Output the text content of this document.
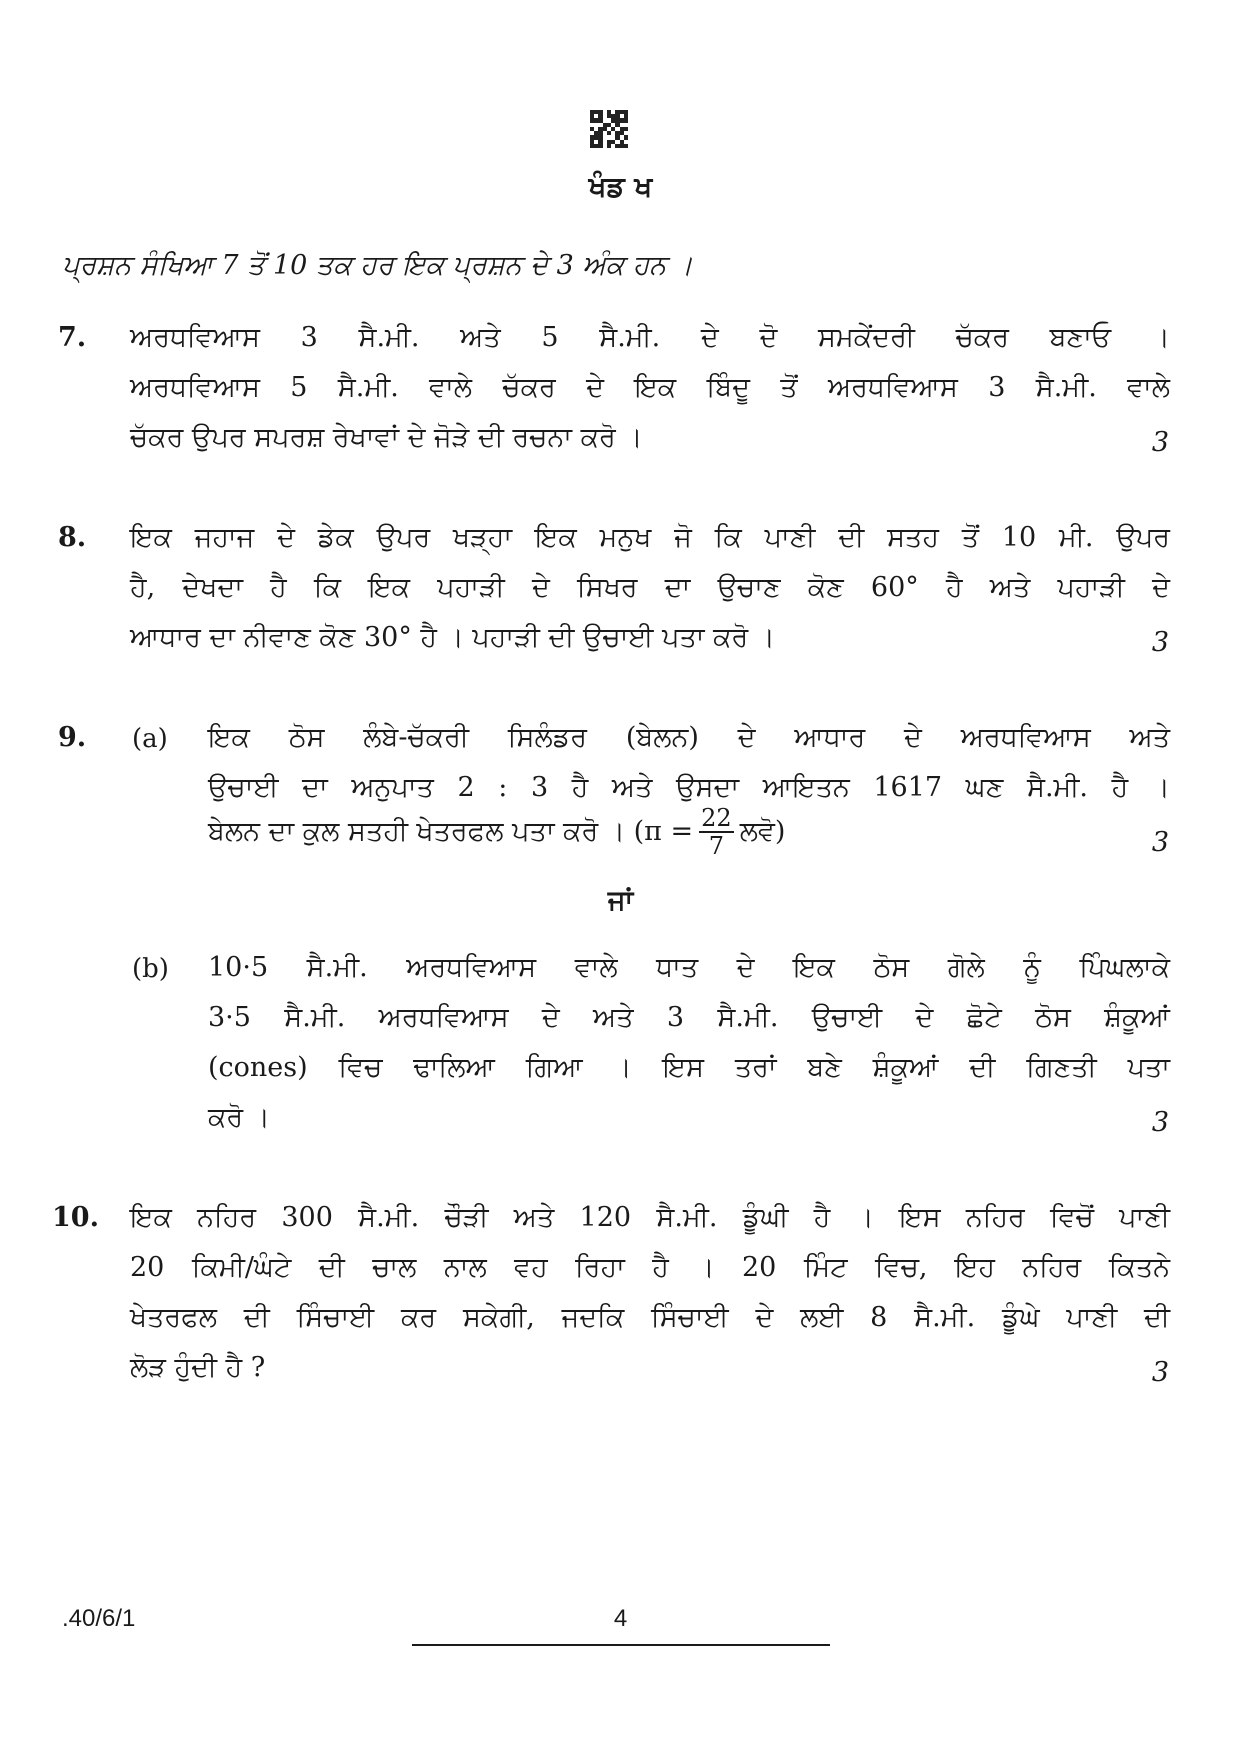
ਖੰਡ ਖ
ਪ੍ਰਸ਼ਨ ਸੰਖਿਆ 7 ਤੋਂ 10 ਤਕ ਹਰ ਇਕ ਪ੍ਰਸ਼ਨ ਦੇ 3 ਅੰਕ ਹਨ ।
7. ਅਰਧਵਿਆਸ 3 ਸੈ.ਮੀ. ਅਤੇ 5 ਸੈ.ਮੀ. ਦੇ ਦੋ ਸਮਕੇਂਦਰੀ ਚੱਕਰ ਬਣਾਓ ।
ਅਰਧਵਿਆਸ 5 ਸੈ.ਮੀ. ਵਾਲੇ ਚੱਕਰ ਦੇ ਇਕ ਬਿੰਦੂ ਤੋਂ ਅਰਧਵਿਆਸ 3 ਸੈ.ਮੀ. ਵਾਲੇ
ਚੱਕਰ ਉਪਰ ਸਪਰਸ਼ ਰੇਖਾਵਾਂ ਦੇ ਜੋੜੇ ਦੀ ਰਚਨਾ ਕਰੋ ।	3
8. ਇਕ ਜਹਾਜ ਦੇ ਡੇਕ ਉਪਰ ਖੜ੍ਹਾ ਇਕ ਮਨੁਖ ਜੋ ਕਿ ਪਾਣੀ ਦੀ ਸਤਹ ਤੋਂ 10 ਮੀ. ਉਪਰ
ਹੈ, ਦੇਖਦਾ ਹੈ ਕਿ ਇਕ ਪਹਾੜੀ ਦੇ ਸਿਖਰ ਦਾ ਉਚਾਣ ਕੋਣ 60° ਹੈ ਅਤੇ ਪਹਾੜੀ ਦੇ
ਆਧਾਰ ਦਾ ਨੀਵਾਣ ਕੋਣ 30° ਹੈ । ਪਹਾੜੀ ਦੀ ਉਚਾਈ ਪਤਾ ਕਰੋ ।	3
9. (a) ਇਕ ਠੋਸ ਲੰਬੇ-ਚੱਕਰੀ ਸਿਲੰਡਰ (ਬੇਲਨ) ਦੇ ਆਧਾਰ ਦੇ ਅਰਧਵਿਆਸ ਅਤੇ
ਉਚਾਈ ਦਾ ਅਨੁਪਾਤ 2 : 3 ਹੈ ਅਤੇ ਉਸਦਾ ਆਇਤਨ 1617 ਘਣ ਸੈ.ਮੀ. ਹੈ ।
ਬੇਲਨ ਦਾ ਕੁਲ ਸਤਹੀ ਖੇਤਰਫਲ ਪਤਾ ਕਰੋ । ($\pi = \frac{22}{7}$ ਲਵੋ)	3
ਜਾਂ
(b) 10·5 ਸੈ.ਮੀ. ਅਰਧਵਿਆਸ ਵਾਲੇ ਧਾਤ ਦੇ ਇਕ ਠੋਸ ਗੋਲੇ ਨੂੰ ਪਿੰਘਲਾਕੇ
3·5 ਸੈ.ਮੀ. ਅਰਧਵਿਆਸ ਦੇ ਅਤੇ 3 ਸੈ.ਮੀ. ਉਚਾਈ ਦੇ ਛੋਟੇ ਠੋਸ ਸ਼ੰਕੂਆਂ
(cones) ਵਿਚ ਢਾਲਿਆ ਗਿਆ । ਇਸ ਤਰਾਂ ਬਣੇ ਸ਼ੰਕੂਆਂ ਦੀ ਗਿਣਤੀ ਪਤਾ
ਕਰੋ ।	3
10. ਇਕ ਨਹਿਰ 300 ਸੈ.ਮੀ. ਚੌੜੀ ਅਤੇ 120 ਸੈ.ਮੀ. ਡੂੰਘੀ ਹੈ । ਇਸ ਨਹਿਰ ਵਿਚੋਂ ਪਾਣੀ
20 ਕਿਮੀ/ਘੰਟੇ ਦੀ ਚਾਲ ਨਾਲ ਵਹ ਰਿਹਾ ਹੈ । 20 ਮਿੰਟ ਵਿਚ, ਇਹ ਨਹਿਰ ਕਿਤਨੇ
ਖੇਤਰਫਲ ਦੀ ਸਿੰਚਾਈ ਕਰ ਸਕੇਗੀ, ਜਦਕਿ ਸਿੰਚਾਈ ਦੇ ਲਈ 8 ਸੈ.ਮੀ. ਡੂੰਘੇ ਪਾਣੀ ਦੀ
ਲੋੜ ਹੁੰਦੀ ਹੈ ?	3
.40/6/1	4
